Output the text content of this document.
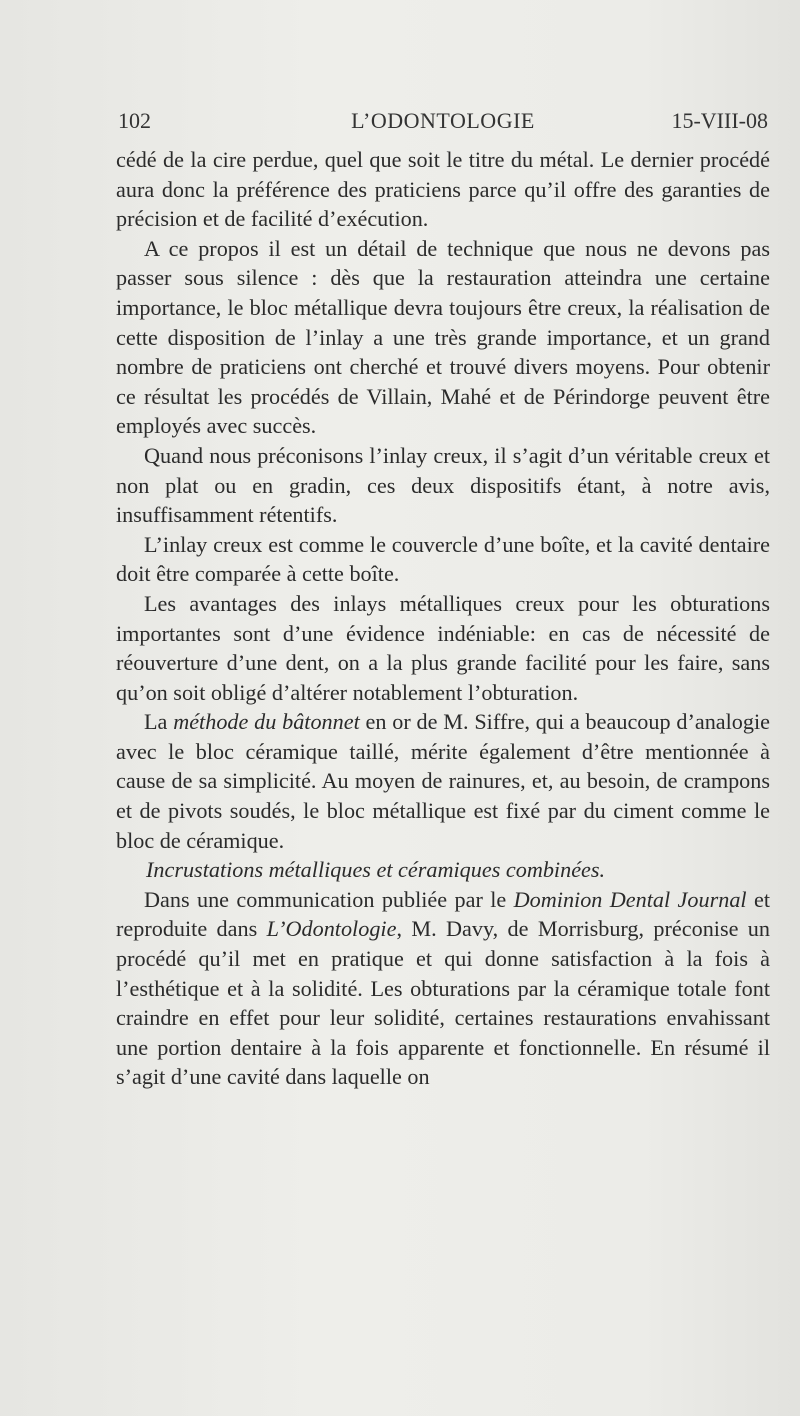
102	L’ODONTOLOGIE	15-VIII-08

cédé de la cire perdue, quel que soit le titre du métal. Le dernier procédé aura donc la préférence des praticiens parce qu’il offre des garanties de précision et de facilité d’exécution.

A ce propos il est un détail de technique que nous ne devons pas passer sous silence : dès que la restauration atteindra une certaine importance, le bloc métallique devra toujours être creux, la réalisation de cette disposition de l’inlay a une très grande importance, et un grand nombre de praticiens ont cherché et trouvé divers moyens. Pour obtenir ce résultat les procédés de Villain, Mahé et de Périndorge peuvent être employés avec succès.

Quand nous préconisons l’inlay creux, il s’agit d’un véritable creux et non plat ou en gradin, ces deux dispositifs étant, à notre avis, insuffisamment rétentifs.

L’inlay creux est comme le couvercle d’une boîte, et la cavité dentaire doit être comparée à cette boîte.

Les avantages des inlays métalliques creux pour les obturations importantes sont d’une évidence indéniable: en cas de nécessité de réouverture d’une dent, on a la plus grande facilité pour les faire, sans qu’on soit obligé d’altérer notablement l’obturation.

La méthode du bâtonnet en or de M. Siffre, qui a beaucoup d’analogie avec le bloc céramique taillé, mérite également d’être mentionnée à cause de sa simplicité. Au moyen de rainures, et, au besoin, de crampons et de pivots soudés, le bloc métallique est fixé par du ciment comme le bloc de céramique.

Incrustations métalliques et céramiques combinées.

Dans une communication publiée par le Dominion Dental Journal et reproduite dans L’Odontologie, M. Davy, de Morrisburg, préconise un procédé qu’il met en pratique et qui donne satisfaction à la fois à l’esthétique et à la solidité. Les obturations par la céramique totale font craindre en effet pour leur solidité, certaines restaurations envahissant une portion dentaire à la fois apparente et fonctionnelle. En résumé il s’agit d’une cavité dans laquelle on
